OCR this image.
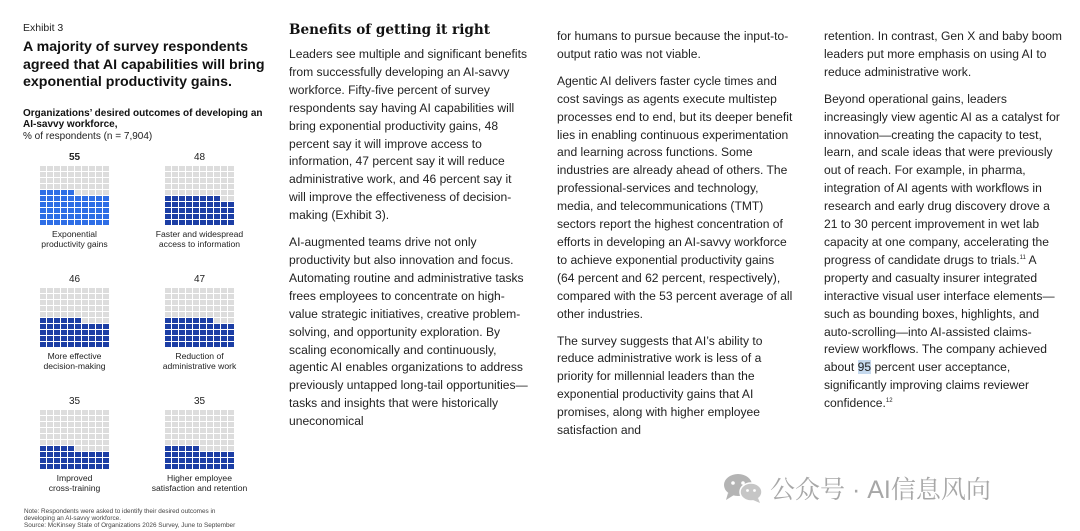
Exhibit 3
A majority of survey respondents agreed that AI capabilities will bring exponential productivity gains.
Organizations’ desired outcomes of developing an AI-savvy workforce,
% of respondents (n = 7,904)
55
Exponential
productivity gains
48
Faster and widespread
access to information
46
More effective
decision-making
47
Reduction of
administrative work
35
Improved
cross-training
35
Higher employee
satisfaction and retention
Note: Respondents were asked to identify their desired outcomes in
developing an AI-savvy workforce.
Source: McKinsey State of Organizations 2026 Survey, June to September
Benefits of getting it right

Leaders see multiple and significant benefits from successfully developing an AI-savvy workforce. Fifty-five percent of survey respondents say having AI capabilities will bring exponential productivity gains, 48 percent say it will improve access to information, 47 percent say it will reduce administrative work, and 46 percent say it will improve the effectiveness of decision-making (Exhibit 3).

AI-augmented teams drive not only productivity but also innovation and focus. Automating routine and administrative tasks frees employees to concentrate on high-value strategic initiatives, creative problem-solving, and opportunity exploration. By scaling economically and continuously, agentic AI enables organizations to address previously untapped long-tail opportunities—tasks and insights that were historically uneconomical

for humans to pursue because the input-to-output ratio was not viable.

Agentic AI delivers faster cycle times and cost savings as agents execute multistep processes end to end, but its deeper benefit lies in enabling continuous experimentation and learning across functions. Some industries are already ahead of others. The professional-services and technology, media, and telecommunications (TMT) sectors report the highest concentration of efforts in developing an AI-savvy workforce to achieve exponential productivity gains (64 percent and 62 percent, respectively), compared with the 53 percent average of all other industries.

The survey suggests that AI’s ability to reduce administrative work is less of a priority for millennial leaders than the exponential productivity gains that AI promises, along with higher employee satisfaction and

retention. In contrast, Gen X and baby boom leaders put more emphasis on using AI to reduce administrative work.

Beyond operational gains, leaders increasingly view agentic AI as a catalyst for innovation—creating the capacity to test, learn, and scale ideas that were previously out of reach. For example, in pharma, integration of AI agents with workflows in research and early drug discovery drove a 21 to 30 percent improvement in wet lab capacity at one company, accelerating the progress of candidate drugs to trials.$^{11}$ A property and casualty insurer integrated interactive visual user interface elements—such as bounding boxes, highlights, and auto-scrolling—into AI-assisted claims-review workflows. The company achieved about 95 percent user acceptance, significantly improving claims reviewer confidence.$^{12}$

公众号 · AI信息风向
